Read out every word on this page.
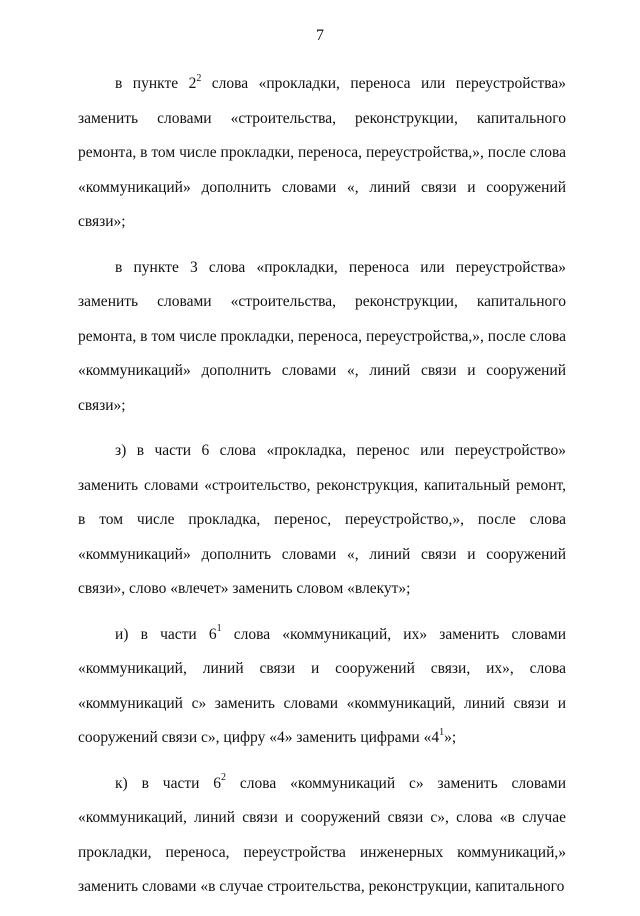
7

в пункте $2^2$ слова «прокладки, переноса или переустройства» заменить словами «строительства, реконструкции, капитального ремонта, в том числе прокладки, переноса, переустройства,», после слова «коммуникаций» дополнить словами «, линий связи и сооружений связи»;

в пункте 3 слова «прокладки, переноса или переустройства» заменить словами «строительства, реконструкции, капитального ремонта, в том числе прокладки, переноса, переустройства,», после слова «коммуникаций» дополнить словами «, линий связи и сооружений связи»;

з) в части 6 слова «прокладка, перенос или переустройство» заменить словами «строительство, реконструкция, капитальный ремонт, в том числе прокладка, перенос, переустройство,», после слова «коммуникаций» дополнить словами «, линий связи и сооружений связи», слово «влечет» заменить словом «влекут»;

и) в части $6^1$ слова «коммуникаций, их» заменить словами «коммуникаций, линий связи и сооружений связи, их», слова «коммуникаций с» заменить словами «коммуникаций, линий связи и сооружений связи с», цифру «4» заменить цифрами «$4^1$»;

к) в части $6^2$ слова «коммуникаций с» заменить словами «коммуникаций, линий связи и сооружений связи с», слова «в случае прокладки, переноса, переустройства инженерных коммуникаций,» заменить словами «в случае строительства, реконструкции, капитального
